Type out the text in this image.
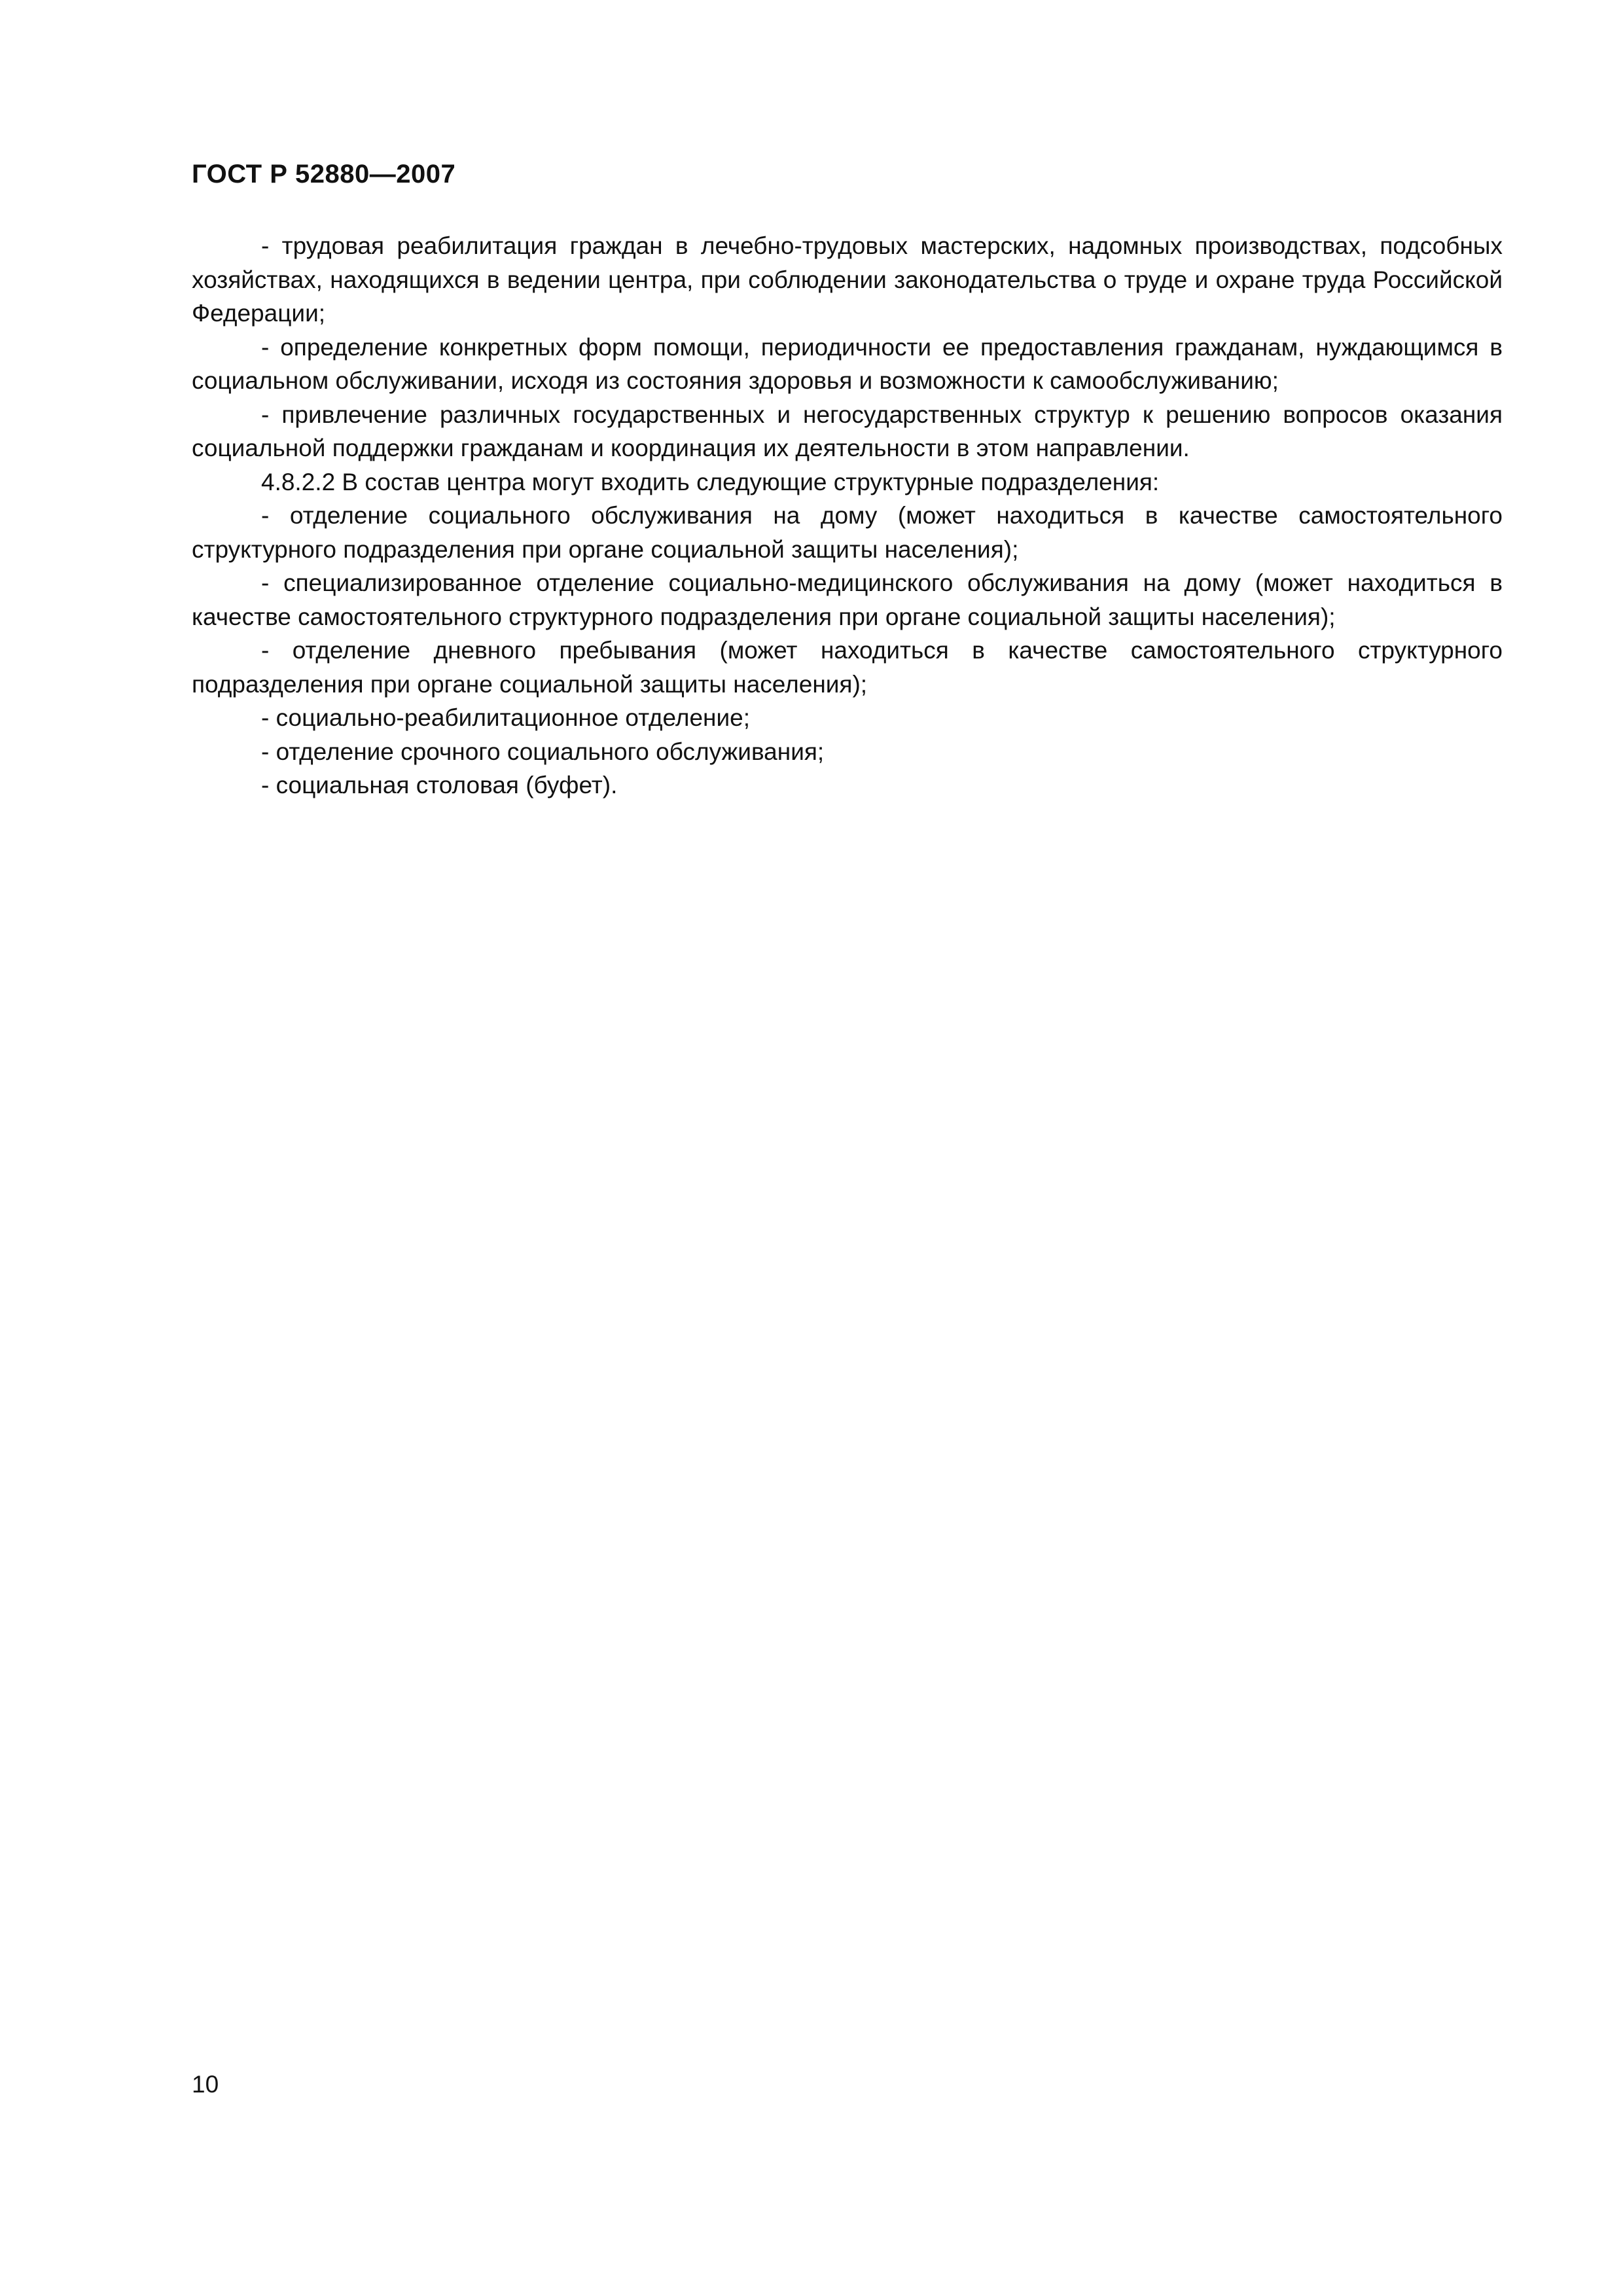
ГОСТ Р 52880—2007

- трудовая реабилитация граждан в лечебно-трудовых мастерских, надомных производствах, подсобных хозяйствах, находящихся в ведении центра, при соблюдении законодательства о труде и охране труда Российской Федерации;

- определение конкретных форм помощи, периодичности ее предоставления гражданам, нуждающимся в социальном обслуживании, исходя из состояния здоровья и возможности к самообслуживанию;

- привлечение различных государственных и негосударственных структур к решению вопросов оказания социальной поддержки гражданам и координация их деятельности в этом направлении.

4.8.2.2 В состав центра могут входить следующие структурные подразделения:

- отделение социального обслуживания на дому (может находиться в качестве самостоятельного структурного подразделения при органе социальной защиты населения);

- специализированное отделение социально-медицинского обслуживания на дому (может находиться в качестве самостоятельного структурного подразделения при органе социальной защиты населения);

- отделение дневного пребывания (может находиться в качестве самостоятельного структурного подразделения при органе социальной защиты населения);

- социально-реабилитационное отделение;

- отделение срочного социального обслуживания;

- социальная столовая (буфет).

10
